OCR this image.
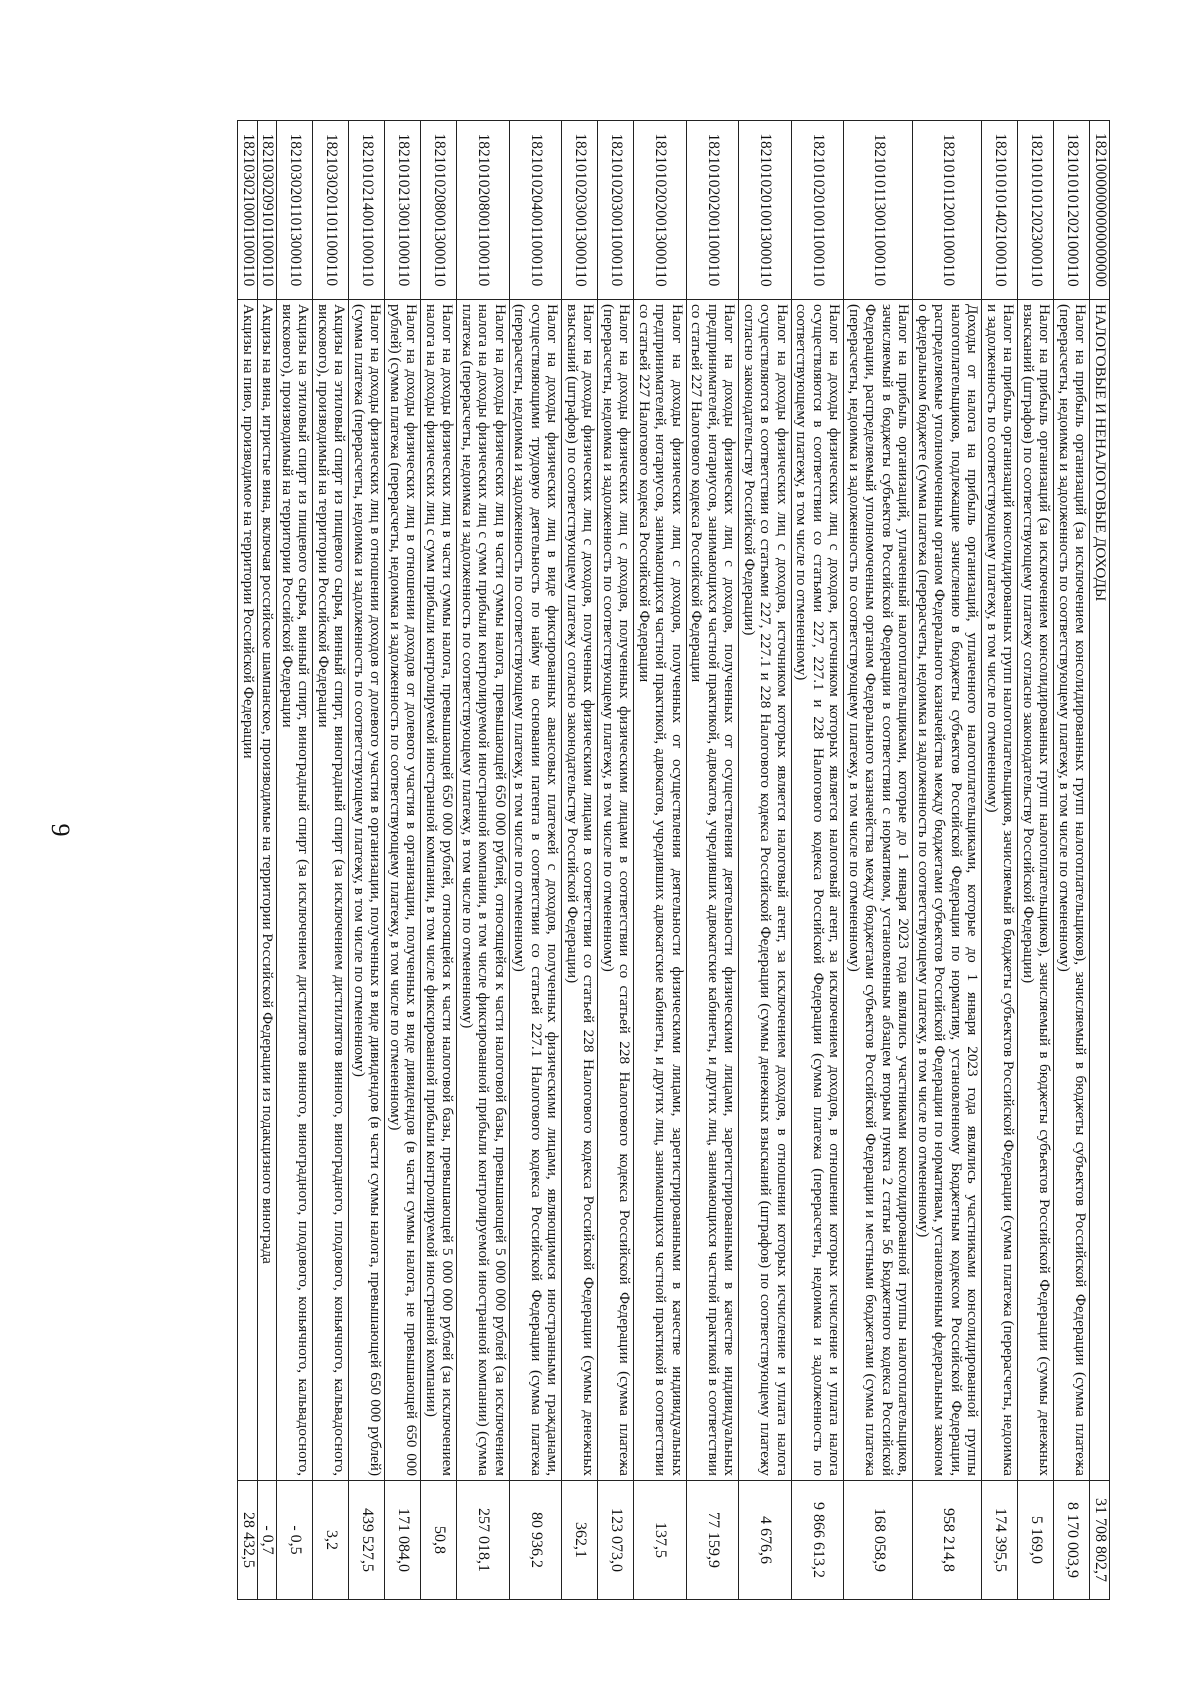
9
18210000000000000000	НАЛОГОВЫЕ И НЕНАЛОГОВЫЕ ДОХОДЫ	31 708 802,7
18210101012021000110	Налог на прибыль организаций (за исключением консолидированных групп налогоплательщиков), зачисляемый в бюджеты субъектов Российской Федерации (сумма платежа (перерасчеты, недоимка и задолженность по соответствующему платежу, в том числе по отмененному)	8 170 003,9
18210101012023000110	Налог на прибыль организаций (за исключением консолидированных групп налогоплательщиков), зачисляемый в бюджеты субъектов Российской Федерации (суммы денежных взысканий (штрафов) по соответствующему платежу согласно законодательству Российской Федерации)	5 169,0
18210101014021000110	Налог на прибыль организаций консолидированных групп налогоплательщиков, зачисляемый в бюджеты субъектов Российской Федерации (сумма платежа (перерасчеты, недоимка и задолженность по соответствующему платежу, в том числе по отмененному)	174 395,5
18210101120011000110	Доходы от налога на прибыль организаций, уплаченного налогоплательщиками, которые до 1 января 2023 года являлись участниками консолидированной группы налогоплательщиков, подлежащие зачислению в бюджеты субъектов Российской Федерации по нормативу, установленному Бюджетным кодексом Российской Федерации, распределяемые уполномоченным органом Федерального казначейства между бюджетами субъектов Российской Федерации по нормативам, установленным федеральным законом о федеральном бюджете (сумма платежа (перерасчеты, недоимка и задолженность по соответствующему платежу, в том числе по отмененному)	958 214,8
18210101130011000110	Налог на прибыль организаций, уплаченный налогоплательщиками, которые до 1 января 2023 года являлись участниками консолидированной группы налогоплательщиков, зачисляемый в бюджеты субъектов Российской Федерации в соответствии с нормативом, установленным абзацем вторым пункта 2 статьи 56 Бюджетного кодекса Российской Федерации, распределяемый уполномоченным органом Федерального казначейства между бюджетами субъектов Российской Федерации и местными бюджетами (сумма платежа (перерасчеты, недоимка и задолженность по соответствующему платежу, в том числе по отмененному)	168 058,9
18210102010011000110	Налог на доходы физических лиц с доходов, источником которых является налоговый агент, за исключением доходов, в отношении которых исчисление и уплата налога осуществляются в соответствии со статьями 227, 227.1 и 228 Налогового кодекса Российской Федерации (сумма платежа (перерасчеты, недоимка и задолженность по соответствующему платежу, в том числе по отмененному)	9 866 613,2
18210102010013000110	Налог на доходы физических лиц с доходов, источником которых является налоговый агент, за исключением доходов, в отношении которых исчисление и уплата налога осуществляются в соответствии со статьями 227, 227.1 и 228 Налогового кодекса Российской Федерации (суммы денежных взысканий (штрафов) по соответствующему платежу согласно законодательству Российской Федерации)	4 676,6
18210102020011000110	Налог на доходы физических лиц с доходов, полученных от осуществления деятельности физическими лицами, зарегистрированными в качестве индивидуальных предпринимателей, нотариусов, занимающихся частной практикой, адвокатов, учредивших адвокатские кабинеты, и других лиц, занимающихся частной практикой в соответствии со статьей 227 Налогового кодекса Российской Федерации	77 159,9
18210102020013000110	Налог на доходы физических лиц с доходов, полученных от осуществления деятельности физическими лицами, зарегистрированными в качестве индивидуальных предпринимателей, нотариусов, занимающихся частной практикой, адвокатов, учредивших адвокатские кабинеты, и других лиц, занимающихся частной практикой в соответствии со статьей 227 Налогового кодекса Российской Федерации	137,5
18210102030011000110	Налог на доходы физических лиц с доходов, полученных физическими лицами в соответствии со статьей 228 Налогового кодекса Российской Федерации (сумма платежа (перерасчеты, недоимка и задолженность по соответствующему платежу, в том числе по отмененному)	123 073,0
18210102030013000110	Налог на доходы физических лиц с доходов, полученных физическими лицами в соответствии со статьей 228 Налогового кодекса Российской Федерации (суммы денежных взысканий (штрафов) по соответствующему платежу согласно законодательству Российской Федерации)	362,1
18210102040011000110	Налог на доходы физических лиц в виде фиксированных авансовых платежей с доходов, полученных физическими лицами, являющимися иностранными гражданами, осуществляющими трудовую деятельность по найму на основании патента в соответствии со статьей 227.1 Налогового кодекса Российской Федерации (сумма платежа (перерасчеты, недоимка и задолженность по соответствующему платежу, в том числе по отмененному)	80 936,2
18210102080011000110	Налог на доходы физических лиц в части суммы налога, превышающей 650 000 рублей, относящейся к части налоговой базы, превышающей 5 000 000 рублей (за исключением налога на доходы физических лиц с сумм прибыли контролируемой иностранной компании, в том числе фиксированной прибыли контролируемой иностранной компании) (сумма платежа (перерасчеты, недоимка и задолженность по соответствующему платежу, в том числе по отмененному)	257 018,1
18210102080013000110	Налог на доходы физических лиц в части суммы налога, превышающей 650 000 рублей, относящейся к части налоговой базы, превышающей 5 000 000 рублей (за исключением налога на доходы физических лиц с сумм прибыли контролируемой иностранной компании, в том числе фиксированной прибыли контролируемой иностранной компании)	50,8
18210102130011000110	Налог на доходы физических лиц в отношении доходов от долевого участия в организации, полученных в виде дивидендов (в части суммы налога, не превышающей 650 000 рублей) (сумма платежа (перерасчеты, недоимка и задолженность по соответствующему платежу, в том числе по отмененному)	171 084,0
18210102140011000110	Налог на доходы физических лиц в отношении доходов от долевого участия в организации, полученных в виде дивидендов (в части суммы налога, превышающей 650 000 рублей) (сумма платежа (перерасчеты, недоимка и задолженность по соответствующему платежу, в том числе по отмененному)	439 527,5
18210302011011000110	Акцизы на этиловый спирт из пищевого сырья, винный спирт, виноградный спирт (за исключением дистиллятов винного, виноградного, плодового, коньячного, кальвадосного, вискового), производимый на территории Российской Федерации	3,2
18210302011013000110	Акцизы на этиловый спирт из пищевого сырья, винный спирт, виноградный спирт (за исключением дистиллятов винного, виноградного, плодового, коньячного, кальвадосного, вискового), производимый на территории Российской Федерации	- 0,5
18210302091011000110	Акцизы на вина, игристые вина, включая российское шампанское, производимые на территории Российской Федерации из подакцизного винограда	- 0,7
18210302100011000110	Акцизы на пиво, производимое на территории Российской Федерации	28 432,5
